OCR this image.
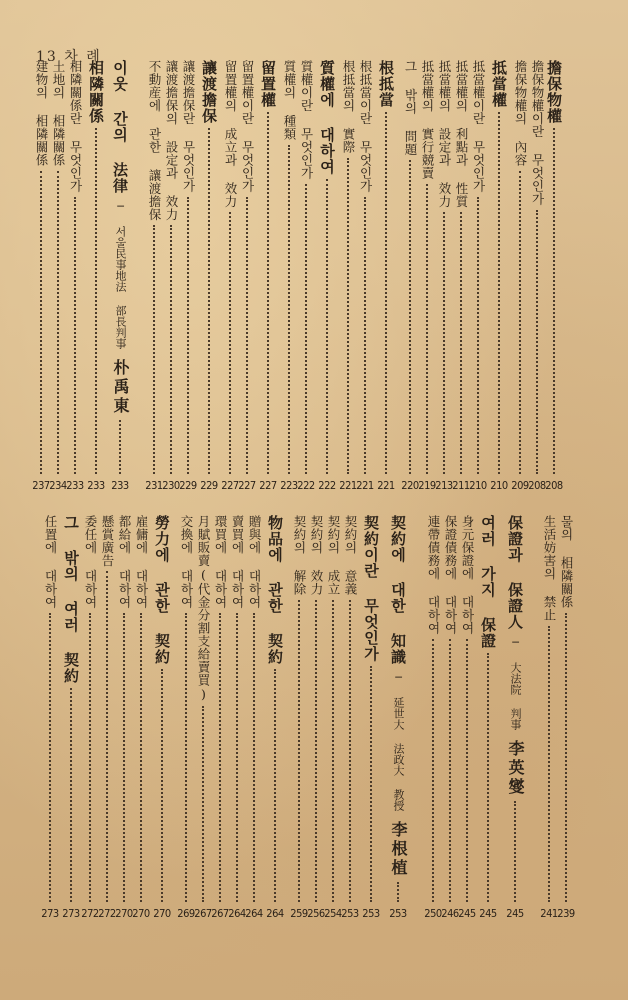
13 차 례
擔保物權
208
擔保物權이란 무엇인가
208
擔保物權의 內容
209
抵當權
210
抵當權이란 무엇인가
210
抵當權의 利點과 性質
211
抵當權의 設定과 效力
213
抵當權의 實行競賣
219
그 밖의 問題
220
根抵當
221
根抵當이란 무엇인가
221
根抵當의 實際
221
質權에 대하여
222
質權이란 무엇인가
222
質權의 種類
223
留置權
227
留置權이란 무엇인가
227
留置權의 成立과 效力
227
讓渡擔保
229
讓渡擔保란 무엇인가
229
讓渡擔保의 設定과 效力
230
不動産에 관한 讓渡擔保
231
이웃 간의 法律─ 서울民事地法 部長判事朴禹東
233
相隣關係
233
相隣關係란 무엇인가
233
土地의 相隣關係
234
建物의 相隣關係
237
물의 相隣關係
239
生活妨害의 禁止
241
保證과 保證人─ 大法院 判事李英燮
245
여러 가지 保證
245
身元保證에 대하여
245
保證債務에 대하여
246
連帶債務에 대하여
250
契約에 대한 知識─ 延世大 法政大 教授李根植
253
契約이란 무엇인가
253
契約의 意義
253
契約의 成立
254
契約의 效力
256
契約의 解除
259
物品에 관한 契約
264
贈與에 대하여
264
賣買에 대하여
264
環買에 대하여
267
月賦販賣(代金分割支給賣買)
267
交換에 대하여
269
勞力에 관한 契約
270
雇傭에 대하여
270
都給에 대하여
270
懸賞廣告
272
委任에 대하여
272
그 밖의 여러 契約
273
任置에 대하여
273
